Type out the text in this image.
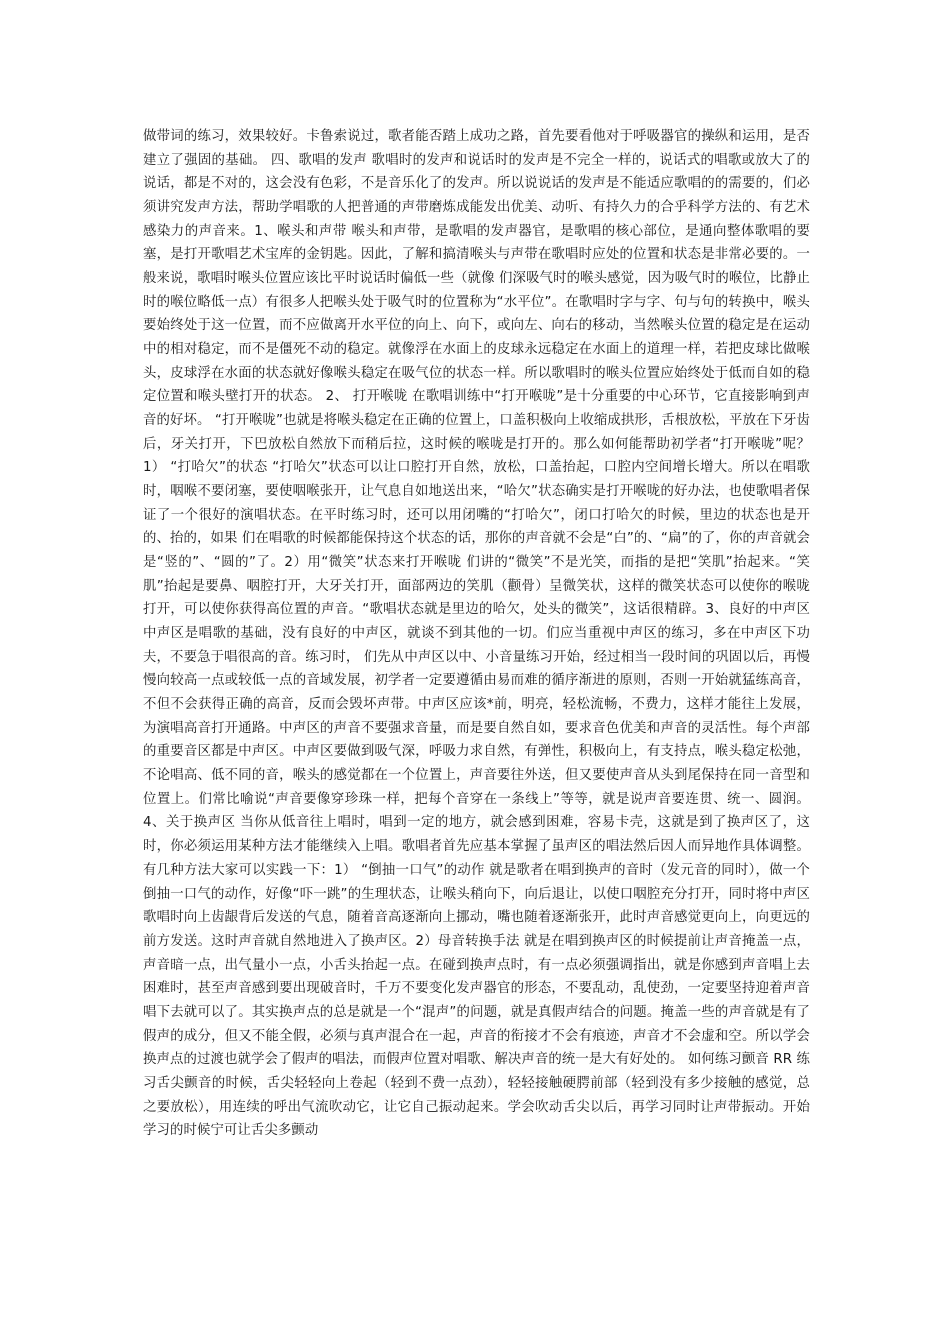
做带词的练习，效果较好。卡鲁索说过，歌者能否踏上成功之路，首先要看他对于呼吸器官的操纵和运用，是否建立了强固的基础。 四、歌唱的发声 歌唱时的发声和说话时的发声是不完全一样的，说话式的唱歌或放大了的说话，都是不对的，这会没有色彩，不是音乐化了的发声。所以说说话的发声是不能适应歌唱的的需要的，们必须讲究发声方法，帮助学唱歌的人把普通的声带磨炼成能发出优美、动听、有持久力的合乎科学方法的、有艺术感染力的声音来。1、喉头和声带 喉头和声带，是歌唱的发声器官，是歌唱的核心部位，是通向整体歌唱的要塞，是打开歌唱艺术宝库的金钥匙。因此，了解和搞清喉头与声带在歌唱时应处的位置和状态是非常必要的。一般来说，歌唱时喉头位置应该比平时说话时偏低一些（就像 们深吸气时的喉头感觉，因为吸气时的喉位，比静止时的喉位略低一点）有很多人把喉头处于吸气时的位置称为“水平位”。在歌唱时字与字、句与句的转换中，喉头要始终处于这一位置，而不应做离开水平位的向上、向下，或向左、向右的移动，当然喉头位置的稳定是在运动中的相对稳定，而不是僵死不动的稳定。就像浮在水面上的皮球永远稳定在水面上的道理一样，若把皮球比做喉头，皮球浮在水面的状态就好像喉头稳定在吸气位的状态一样。所以歌唱时的喉头位置应始终处于低而自如的稳定位置和喉头壁打开的状态。 2、 打开喉咙 在歌唱训练中“打开喉咙”是十分重要的中心环节，它直接影响到声音的好坏。 “打开喉咙”也就是将喉头稳定在正确的位置上，口盖积极向上收缩成拱形，舌根放松，平放在下牙齿后，牙关打开，下巴放松自然放下而稍后拉，这时候的喉咙是打开的。那么如何能帮助初学者“打开喉咙”呢？ 1） “打哈欠”的状态 “打哈欠”状态可以让口腔打开自然，放松，口盖抬起，口腔内空间增长增大。所以在唱歌时，咽喉不要闭塞，要使咽喉张开，让气息自如地送出来，“哈欠”状态确实是打开喉咙的好办法，也使歌唱者保证了一个很好的演唱状态。在平时练习时，还可以用闭嘴的“打哈欠”，闭口打哈欠的时候，里边的状态也是开的、抬的，如果 们在唱歌的时候都能保持这个状态的话，那你的声音就不会是“白”的、“扁”的了，你的声音就会是“竖的”、“圆的”了。2）用“微笑”状态来打开喉咙 们讲的“微笑”不是光笑，而指的是把“笑肌”抬起来。“笑肌”抬起是要鼻、咽腔打开，大牙关打开，面部两边的笑肌（颧骨）呈微笑状，这样的微笑状态可以使你的喉咙打开，可以使你获得高位置的声音。“歌唱状态就是里边的哈欠，处头的微笑”，这话很精辟。3、良好的中声区 中声区是唱歌的基础，没有良好的中声区，就谈不到其他的一切。们应当重视中声区的练习，多在中声区下功夫，不要急于唱很高的音。练习时， 们先从中声区以中、小音量练习开始，经过相当一段时间的巩固以后，再慢慢向较高一点或较低一点的音域发展，初学者一定要遵循由易而难的循序渐进的原则，否则一开始就猛练高音，不但不会获得正确的高音，反而会毁坏声带。中声区应该*前，明亮，轻松流畅，不费力，这样才能往上发展，为演唱高音打开通路。中声区的声音不要强求音量，而是要自然自如，要求音色优美和声音的灵活性。每个声部的重要音区都是中声区。中声区要做到吸气深，呼吸力求自然，有弹性，积极向上，有支持点，喉头稳定松弛，不论唱高、低不同的音，喉头的感觉都在一个位置上，声音要往外送，但又要使声音从头到尾保持在同一音型和位置上。们常比喻说“声音要像穿珍珠一样，把每个音穿在一条线上”等等，就是说声音要连贯、统一、圆润。4、关于换声区 当你从低音往上唱时，唱到一定的地方，就会感到困难，容易卡壳，这就是到了换声区了，这时，你必须运用某种方法才能继续入上唱。歌唱者首先应基本掌握了虽声区的唱法然后因人而异地作具体调整。有几种方法大家可以实践一下：1） “倒抽一口气”的动作 就是歌者在唱到换声的音时（发元音的同时），做一个倒抽一口气的动作，好像“吓一跳”的生理状态，让喉头稍向下，向后退让，以使口咽腔充分打开，同时将中声区歌唱时向上齿龈背后发送的气息，随着音高逐渐向上挪动，嘴也随着逐渐张开，此时声音感觉更向上，向更远的前方发送。这时声音就自然地进入了换声区。2）母音转换手法 就是在唱到换声区的时候提前让声音掩盖一点，声音暗一点，出气量小一点，小舌头抬起一点。在碰到换声点时，有一点必须强调指出，就是你感到声音唱上去困难时，甚至声音感到要出现破音时，千万不要变化发声器官的形态，不要乱动，乱使劲，一定要坚持迎着声音唱下去就可以了。其实换声点的总是就是一个“混声”的问题，就是真假声结合的问题。掩盖一些的声音就是有了假声的成分，但又不能全假，必须与真声混合在一起，声音的衔接才不会有痕迹，声音才不会虚和空。所以学会换声点的过渡也就学会了假声的唱法，而假声位置对唱歌、解决声音的统一是大有好处的。 如何练习颤音 RR 练习舌尖颤音的时候，舌尖轻轻向上卷起（轻到不费一点劲），轻轻接触硬腭前部（轻到没有多少接触的感觉，总之要放松），用连续的呼出气流吹动它，让它自己振动起来。学会吹动舌尖以后，再学习同时让声带振动。开始学习的时候宁可让舌尖多颤动
